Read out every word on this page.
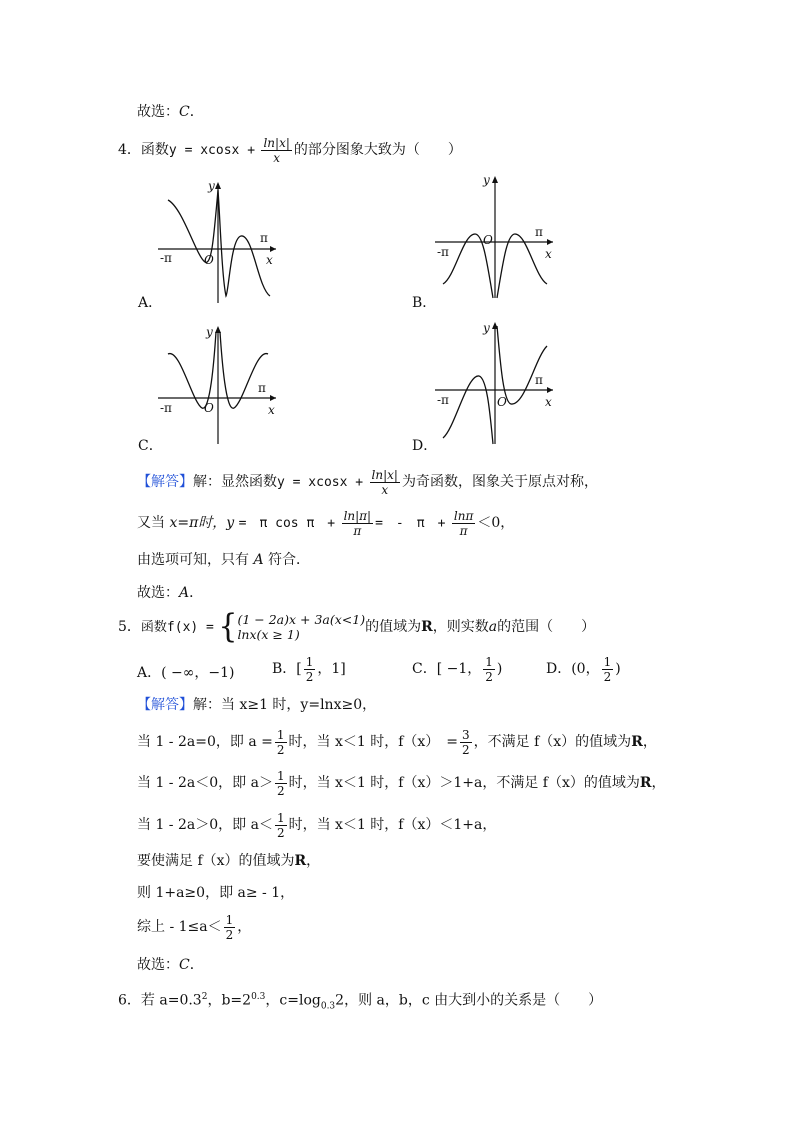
故选：C．
4．函数$y = xcosx + \frac{\ln|x|}{x}$ 的部分图象大致为（　　）
-π
π
x
y
O
A．
-π
π
x
y
O
B．
-π
π
x
y
O
C．
-π
π
x
y
O
D．
【解答】解：显然函数$y = xcosx + \frac{\ln|x|}{x}$ 为奇函数，图象关于原点对称，
又当 x=π时，y =　π cos π　+ $\frac{\ln|\pi|}{\pi}$ =　-　π　+ $\frac{\ln\pi}{\pi} <0$，
由选项可知，只有 A 符合．
故选：A．
5．函数f(x) = { (1 − 2a)x + 3a(x<1)
lnx(x ≥ 1)	的值域为R，则实数a的范围（　　）
A．( −∞，−1)	B．[ $\frac{1}{2}$ ，1]	C．[ −1， $\frac{1}{2}$ )	D．(0， $\frac{1}{2}$ )
【解答】解：当 x≥1 时，y=lnx≥0，
当 1 - 2a=0，即 $a = \frac{1}{2}$ 时，当 x＜1 时，f（x）　= $\frac{3}{2}$ ，不满足 f（x）的值域为R，
当 1 - 2a＜0，即 $a> \frac{1}{2}$ 时，当 x＜1 时，f（x）＞1+a，不满足 f（x）的值域为R，
当 1 - 2a＞0，即 $a< \frac{1}{2}$ 时，当 x＜1 时，f（x）＜1+a，
要使满足 f（x）的值域为R，
则 1+a≥0，即 a≥ - 1，
综上 - $1\le a< \frac{1}{2}$ ，
故选：C．
6．若 $a=0.3^2$，$b=2^{0.3}$，$c=\log_{0.3}2$，则 a，b，c 由大到小的关系是（　　）
